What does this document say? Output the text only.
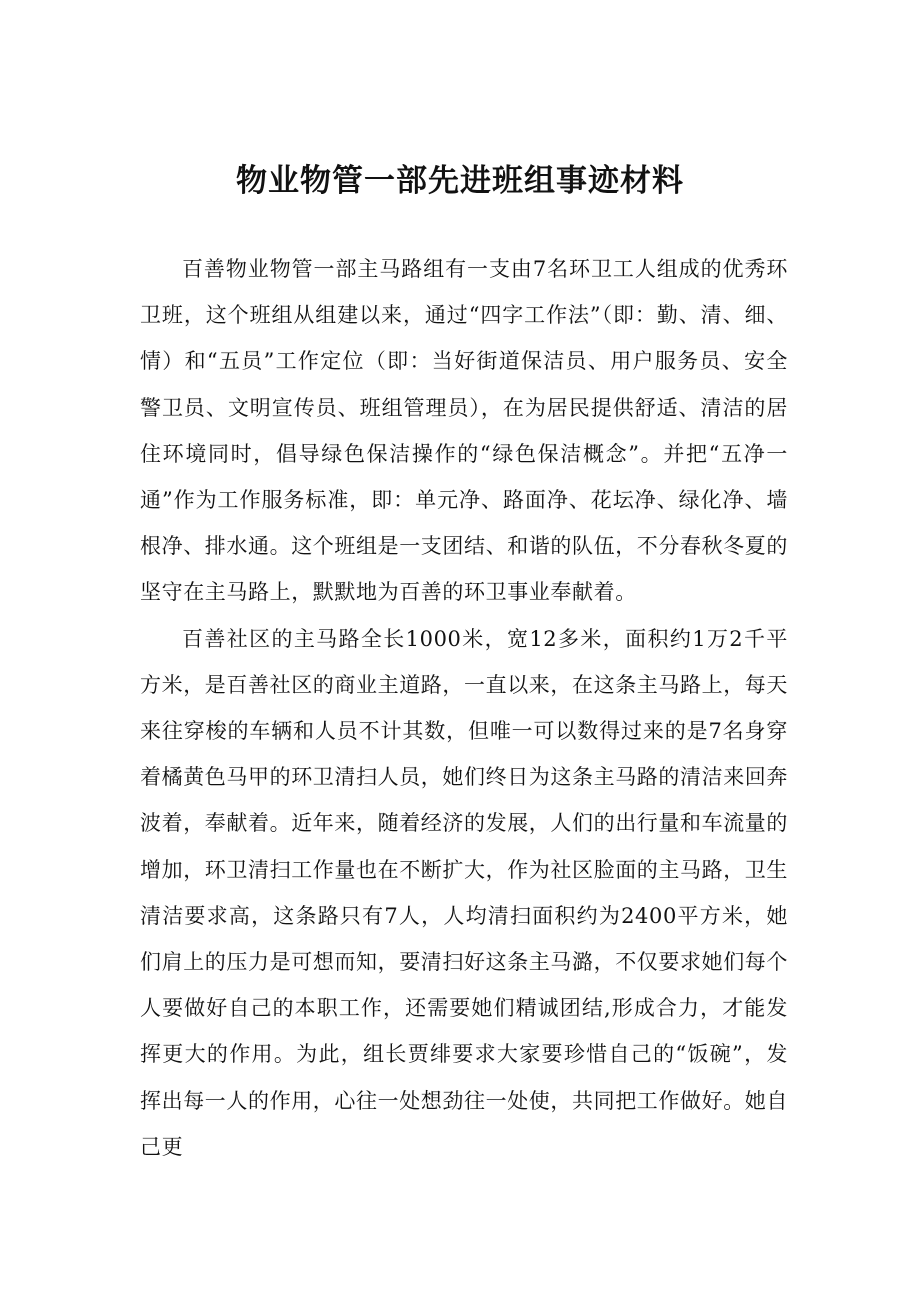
物业物管一部先进班组事迹材料

百善物业物管一部主马路组有一支由7名环卫工人组成的优秀环卫班，这个班组从组建以来，通过“四字工作法”（即：勤、清、细、情）和“五员”工作定位（即：当好街道保洁员、用户服务员、安全警卫员、文明宣传员、班组管理员），在为居民提供舒适、清洁的居住环境同时，倡导绿色保洁操作的“绿色保洁概念”。并把“五净一通”作为工作服务标准，即：单元净、路面净、花坛净、绿化净、墙根净、排水通。这个班组是一支团结、和谐的队伍，不分春秋冬夏的坚守在主马路上，默默地为百善的环卫事业奉献着。

百善社区的主马路全长1000米，宽12多米，面积约1万2千平方米，是百善社区的商业主道路，一直以来，在这条主马路上，每天来往穿梭的车辆和人员不计其数，但唯一可以数得过来的是7名身穿着橘黄色马甲的环卫清扫人员，她们终日为这条主马路的清洁来回奔波着，奉献着。近年来，随着经济的发展，人们的出行量和车流量的增加，环卫清扫工作量也在不断扩大，作为社区脸面的主马路，卫生清洁要求高，这条路只有7人，人均清扫面积约为2400平方米，她们肩上的压力是可想而知，要清扫好这条主马潞，不仅要求她们每个人要做好自己的本职工作，还需要她们精诚团结,形成合力，才能发挥更大的作用。为此，组长贾绯要求大家要珍惜自己的“饭碗”，发挥出每一人的作用，心往一处想劲往一处使，共同把工作做好。她自己更
